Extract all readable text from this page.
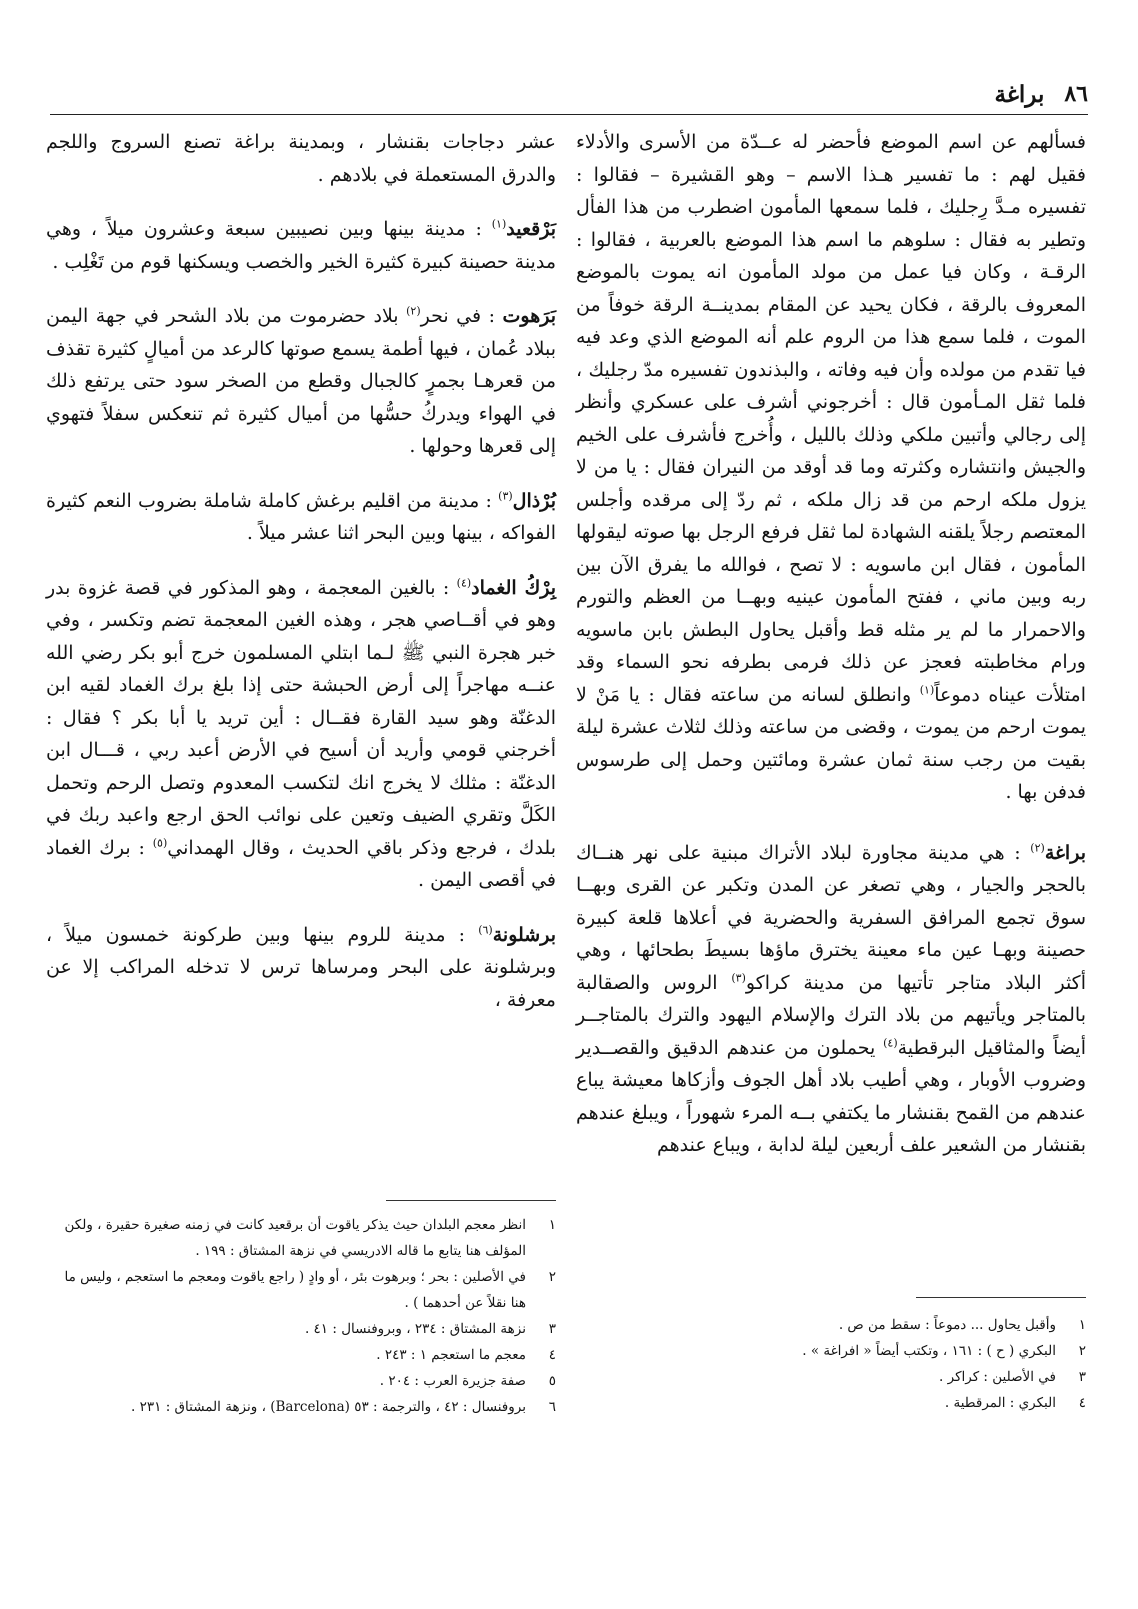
٨٦
براغة

فسألهم عن اسم الموضع فأحضر له عــدّة من الأسرى والأدلاء فقيل لهم : ما تفسير هـذا الاسم – وهو القشيرة – فقالوا : تفسيره مـدَّ رِجليك ، فلما سمعها المأمون اضطرب من هذا الفأل وتطير به فقال : سلوهم ما اسم هذا الموضع بالعربية ، فقالوا : الرقـة ، وكان فيا عمل من مولد المأمون انه يموت بالموضع المعروف بالرقة ، فكان يحيد عن المقام بمدينــة الرقة خوفاً من الموت ، فلما سمع هذا من الروم علم أنه الموضع الذي وعد فيه فيا تقدم من مولده وأن فيه وفاته ، والبذندون تفسيره مدّ رجليك ، فلما ثقل المـأمون قال : أخرجوني أشرف على عسكري وأنظر إلى رجالي وأتبين ملكي وذلك بالليل ، وأُخرج فأشرف على الخيم والجيش وانتشاره وكثرته وما قد أوقد من النيران فقال : يا من لا يزول ملكه ارحم من قد زال ملكه ، ثم ردّ إلى مرقده وأجلس المعتصم رجلاً يلقنه الشهادة لما ثقل فرفع الرجل بها صوته ليقولها المأمون ، فقال ابن ماسويه : لا تصح ، فوالله ما يفرق الآن بين ربه وبين ماني ، ففتح المأمون عينيه وبهــا من العظم والتورم والاحمرار ما لم ير مثله قط وأقبل يحاول البطش بابن ماسويه ورام مخاطبته فعجز عن ذلك فرمى بطرفه نحو السماء وقد امتلأت عيناه دموعاً$^{(١)}$ وانطلق لسانه من ساعته فقال : يا مَنْ لا يموت ارحم من يموت ، وقضى من ساعته وذلك لثلاث عشرة ليلة بقيت من رجب سنة ثمان عشرة ومائتين وحمل إلى طرسوس فدفن بها .

براغة$^{(٢)}$ : هي مدينة مجاورة لبلاد الأتراك مبنية على نهر هنــاك بالحجر والجيار ، وهي تصغر عن المدن وتكبر عن القرى وبهــا سوق تجمع المرافق السفرية والحضرية في أعلاها قلعة كبيرة حصينة وبهـا عين ماء معينة يخترق ماؤها بسيطَ بطحائها ، وهي أكثر البلاد متاجر تأتيها من مدينة كراكو$^{(٣)}$ الروس والصقالبة بالمتاجر ويأتيهم من بلاد الترك والإسلام اليهود والترك بالمتاجــر أيضاً والمثاقيل البرقطية$^{(٤)}$ يحملون من عندهم الدقيق والقصــدير وضروب الأوبار ، وهي أطيب بلاد أهل الجوف وأزكاها معيشة يباع عندهم من القمح بقنشار ما يكتفي بــه المرء شهوراً ، ويبلغ عندهم بقنشار من الشعير علف أربعين ليلة لدابة ، ويباع عندهم

١
وأقبل يحاول ... دموعاً : سقط من ص .
٢
البكري ( ح ) : ١٦١ ، وتكتب أيضاً « افراغة » .
٣
في الأصلين : كراكر .
٤
البكري : المرقطية .

عشر دجاجات بقنشار ، وبمدينة براغة تصنع السروج واللجم والدرق المستعملة في بلادهم .

بَرْقعيد$^{(١)}$ : مدينة بينها وبين نصيبين سبعة وعشرون ميلاً ، وهي مدينة حصينة كبيرة كثيرة الخير والخصب ويسكنها قوم من تَغْلِب .

بَرَهوت : في نحر$^{(٢)}$ بلاد حضرموت من بلاد الشحر في جهة اليمن ببلاد عُمان ، فيها أطمة يسمع صوتها كالرعد من أميالٍ كثيرة تقذف من قعرهـا بجمرٍ كالجبال وقطع من الصخر سود حتى يرتفع ذلك في الهواء ويدركُ حسُّها من أميال كثيرة ثم تنعكس سفلاً فتهوي إلى قعرها وحولها .

بُرْذال$^{(٣)}$ : مدينة من اقليم برغش كاملة شاملة بضروب النعم كثيرة الفواكه ، بينها وبين البحر اثنا عشر ميلاً .

بِرْكُ الغماد$^{(٤)}$ : بالغين المعجمة ، وهو المذكور في قصة غزوة بدر وهو في أقــاصي هجر ، وهذه الغين المعجمة تضم وتكسر ، وفي خبر هجرة النبي ﷺ لـما ابتلي المسلمون خرج أبو بكر رضي الله عنــه مهاجراً إلى أرض الحبشة حتى إذا بلغ برك الغماد لقيه ابن الدغنّة وهو سيد القارة فقــال : أين تريد يا أبا بكر ؟ فقال : أخرجني قومي وأريد أن أسيح في الأرض أعبد ربي ، قـــال ابن الدغنّة : مثلك لا يخرج انك لتكسب المعدوم وتصل الرحم وتحمل الكَلَّ وتقري الضيف وتعين على نوائب الحق ارجع واعبد ربك في بلدك ، فرجع وذكر باقي الحديث ، وقال الهمداني$^{(٥)}$ : برك الغماد في أقصى اليمن .

برشلونة$^{(٦)}$ : مدينة للروم بينها وبين طركونة خمسون ميلاً ، وبرشلونة على البحر ومرساها ترس لا تدخله المراكب إلا عن معرفة ،

١
انظر معجم البلدان حيث يذكر ياقوت أن برقعيد كانت في زمنه صغيرة حقيرة ، ولكن المؤلف هنا يتابع ما قاله الادريسي في نزهة المشتاق : ١٩٩ .
٢
في الأصلين : بحر ؛ وبرهوت بئر ، أو وادٍ ( راجع ياقوت ومعجم ما استعجم ، وليس ما هنا نقلاً عن أحدهما ) .
٣
نزهة المشتاق : ٢٣٤ ، وبروفنسال : ٤١ .
٤
معجم ما استعجم ١ : ٢٤٣ .
٥
صفة جزيرة العرب : ٢٠٤ .
٦
بروفنسال : ٤٢ ، والترجمة : ٥٣ (Barcelona) ، ونزهة المشتاق : ٢٣١ .
